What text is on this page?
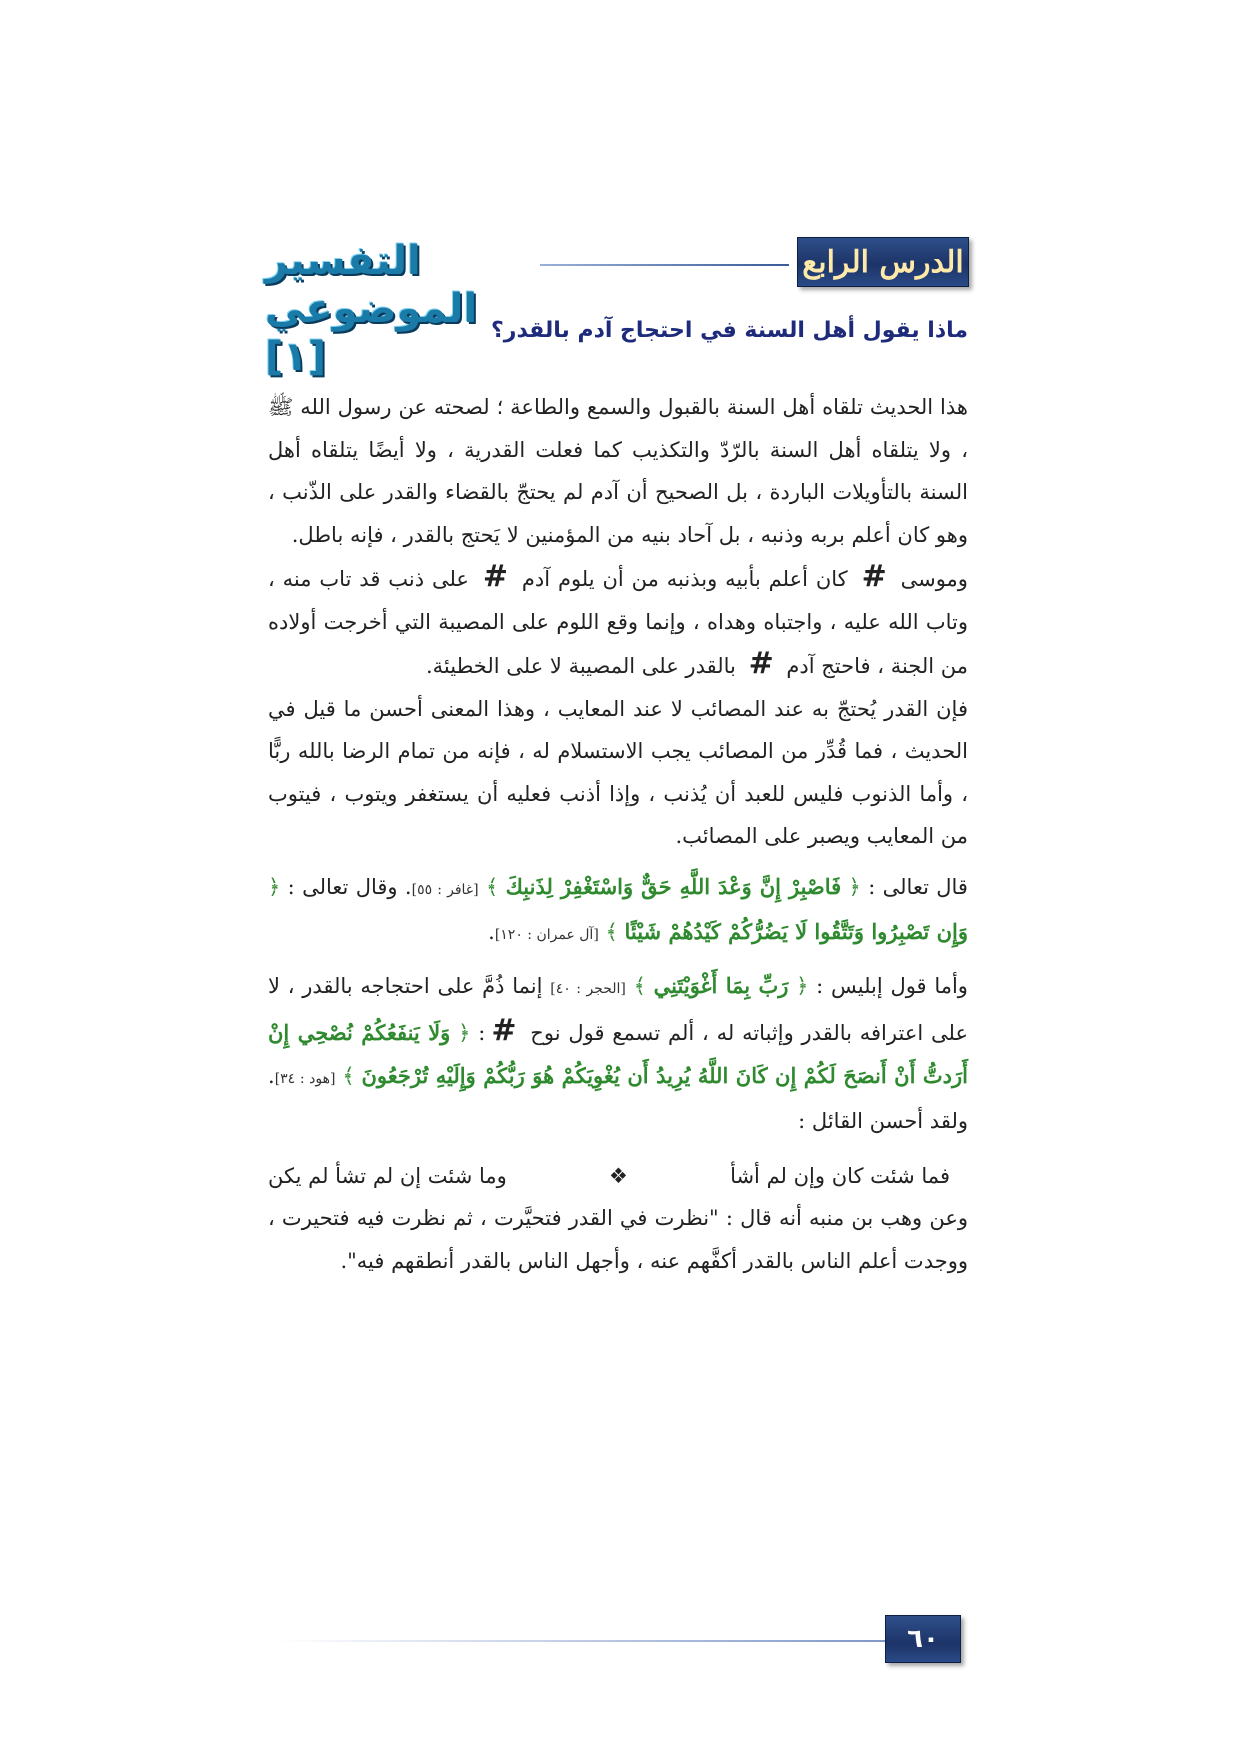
التفسير الموضوعي [١]
الدرس الرابع
ماذا يقول أهل السنة في احتجاج آدم بالقدر؟

هذا الحديث تلقاه أهل السنة بالقبول والسمع والطاعة ؛ لصحته عن رسول الله ﷺ ، ولا يتلقاه أهل السنة بالرّدّ والتكذيب كما فعلت القدرية ، ولا أيضًا يتلقاه أهل السنة بالتأويلات الباردة ، بل الصحيح أن آدم لم يحتجّ بالقضاء والقدر على الذّنب ، وهو كان أعلم بربه وذنبه ، بل آحاد بنيه من المؤمنين لا يَحتج بالقدر ، فإنه باطل.

وموسى # كان أعلم بأبيه وبذنبه من أن يلوم آدم # على ذنب قد تاب منه ، وتاب الله عليه ، واجتباه وهداه ، وإنما وقع اللوم على المصيبة التي أخرجت أولاده من الجنة ، فاحتج آدم # بالقدر على المصيبة لا على الخطيئة.

فإن القدر يُحتجّ به عند المصائب لا عند المعايب ، وهذا المعنى أحسن ما قيل في الحديث ، فما قُدِّر من المصائب يجب الاستسلام له ، فإنه من تمام الرضا بالله ربًّا ، وأما الذنوب فليس للعبد أن يُذنب ، وإذا أذنب فعليه أن يستغفر ويتوب ، فيتوب من المعايب ويصبر على المصائب.

قال تعالى : ﴿ فَاصْبِرْ إِنَّ وَعْدَ اللَّهِ حَقٌّ وَاسْتَغْفِرْ لِذَنبِكَ ﴾ [غافر : ٥٥]. وقال تعالى : ﴿ وَإِن تَصْبِرُوا وَتَتَّقُوا لَا يَضُرُّكُمْ كَيْدُهُمْ شَيْئًا ﴾ [آل عمران : ١٢٠].

وأما قول إبليس : ﴿ رَبِّ بِمَا أَغْوَيْتَنِي ﴾ [الحجر : ٤٠] إنما ذُمَّ على احتجاجه بالقدر ، لا على اعترافه بالقدر وإثباته له ، ألم تسمع قول نوح #: ﴿ وَلَا يَنفَعُكُمْ نُصْحِي إِنْ أَرَدتُّ أَنْ أَنصَحَ لَكُمْ إِن كَانَ اللَّهُ يُرِيدُ أَن يُغْوِيَكُمْ هُوَ رَبُّكُمْ وَإِلَيْهِ تُرْجَعُونَ ﴾ [هود : ٣٤]. ولقد أحسن القائل :

فما شئت كان وإن لم أشأ
❖
وما شئت إن لم تشأ لم يكن

وعن وهب بن منبه أنه قال : "نظرت في القدر فتحيَّرت ، ثم نظرت فيه فتحيرت ، ووجدت أعلم الناس بالقدر أكفَّهم عنه ، وأجهل الناس بالقدر أنطقهم فيه".

٦٠
